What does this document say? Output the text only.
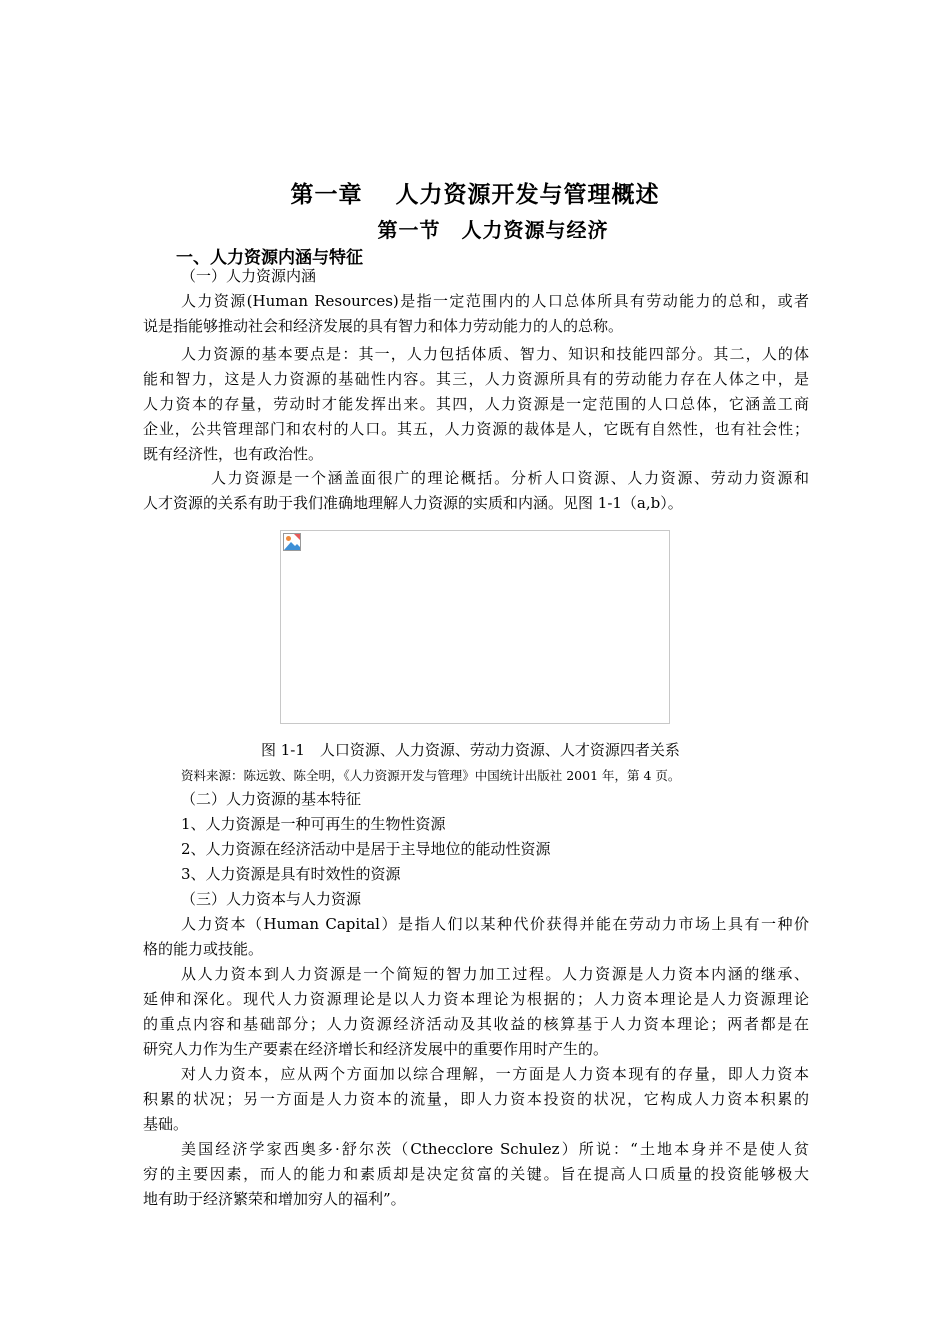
第一章　 人力资源开发与管理概述
第一节　人力资源与经济
一、人力资源内涵与特征
（一）人力资源内涵
人力资源(Human Resources)是指一定范围内的人口总体所具有劳动能力的总和，或者
说是指能够推动社会和经济发展的具有智力和体力劳动能力的人的总称。
人力资源的基本要点是：其一，人力包括体质、智力、知识和技能四部分。其二，人的体
能和智力，这是人力资源的基础性内容。其三，人力资源所具有的劳动能力存在人体之中，是
人力资本的存量，劳动时才能发挥出来。其四，人力资源是一定范围的人口总体，它涵盖工商
企业，公共管理部门和农村的人口。其五，人力资源的裁体是人，它既有自然性，也有社会性；
既有经济性，也有政治性。
人力资源是一个涵盖面很广的理论概括。分析人口资源、人力资源、劳动力资源和
人才资源的关系有助于我们准确地理解人力资源的实质和内涵。见图 1-1（a,b）。
图 1-1　人口资源、人力资源、劳动力资源、人才资源四者关系
资料来源：陈远敦、陈全明，《人力资源开发与管理》中国统计出版社 2001 年，第 4 页。
（二）人力资源的基本特征
1、人力资源是一种可再生的生物性资源
2、人力资源在经济活动中是居于主导地位的能动性资源
3、人力资源是具有时效性的资源
（三）人力资本与人力资源
人力资本（Human Capital）是指人们以某种代价获得并能在劳动力市场上具有一种价
格的能力或技能。
从人力资本到人力资源是一个简短的智力加工过程。人力资源是人力资本内涵的继承、
延伸和深化。现代人力资源理论是以人力资本理论为根据的；人力资本理论是人力资源理论
的重点内容和基础部分；人力资源经济活动及其收益的核算基于人力资本理论；两者都是在
研究人力作为生产要素在经济增长和经济发展中的重要作用时产生的。
对人力资本，应从两个方面加以综合理解，一方面是人力资本现有的存量，即人力资本
积累的状况；另一方面是人力资本的流量，即人力资本投资的状况，它构成人力资本积累的
基础。
美国经济学家西奥多·舒尔茨（Cthecclore Schulez）所说：“土地本身并不是使人贫
穷的主要因素，而人的能力和素质却是决定贫富的关键。旨在提高人口质量的投资能够极大
地有助于经济繁荣和增加穷人的福利”。
